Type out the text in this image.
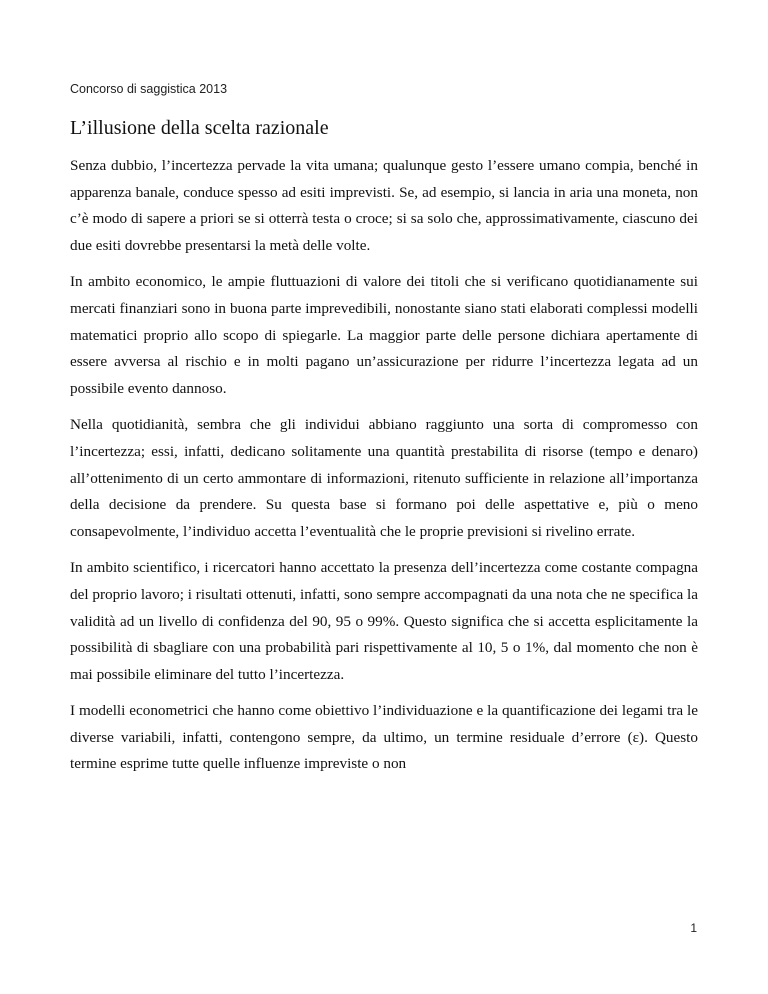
Concorso di saggistica 2013
L’illusione della scelta razionale

Senza dubbio, l’incertezza pervade la vita umana; qualunque gesto l’essere umano compia, benché in apparenza banale, conduce spesso ad esiti imprevisti. Se, ad esempio, si lancia in aria una moneta, non c’è modo di sapere a priori se si otterrà testa o croce; si sa solo che, approssimativamente, ciascuno dei due esiti dovrebbe presentarsi la metà delle volte.

In ambito economico, le ampie fluttuazioni di valore dei titoli che si verificano quotidianamente sui mercati finanziari sono in buona parte imprevedibili, nonostante siano stati elaborati complessi modelli matematici proprio allo scopo di spiegarle. La maggior parte delle persone dichiara apertamente di essere avversa al rischio e in molti pagano un’assicurazione per ridurre l’incertezza legata ad un possibile evento dannoso.

Nella quotidianità, sembra che gli individui abbiano raggiunto una sorta di compromesso con l’incertezza; essi, infatti, dedicano solitamente una quantità prestabilita di risorse (tempo e denaro) all’ottenimento di un certo ammontare di informazioni, ritenuto sufficiente in relazione all’importanza della decisione da prendere. Su questa base si formano poi delle aspettative e, più o meno consapevolmente, l’individuo accetta l’eventualità che le proprie previsioni si rivelino errate.

In ambito scientifico, i ricercatori hanno accettato la presenza dell’incertezza come costante compagna del proprio lavoro; i risultati ottenuti, infatti, sono sempre accompagnati da una nota che ne specifica la validità ad un livello di confidenza del 90, 95 o 99%. Questo significa che si accetta esplicitamente la possibilità di sbagliare con una probabilità pari rispettivamente al 10, 5 o 1%, dal momento che non è mai possibile eliminare del tutto l’incertezza.

I modelli econometrici che hanno come obiettivo l’individuazione e la quantificazione dei legami tra le diverse variabili, infatti, contengono sempre, da ultimo, un termine residuale d’errore (ε). Questo termine esprime tutte quelle influenze impreviste o non

1
